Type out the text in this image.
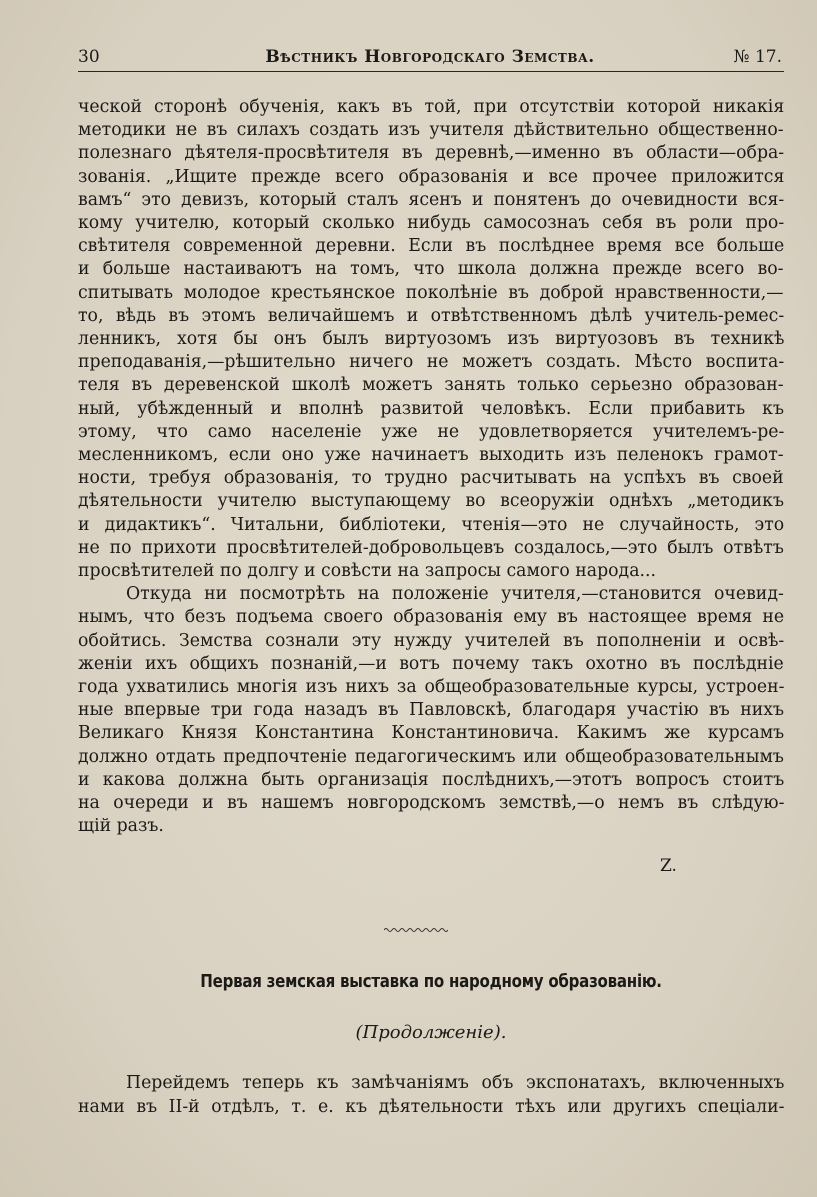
30	Вѣстникъ Новгородскаго Земства.	№ 17.
ческой сторонѣ обученія, какъ въ той, при отсутствіи которой никакія
методики не въ силахъ создать изъ учителя дѣйствительно общественно-
полезнаго дѣятеля-просвѣтителя въ деревнѣ,—именно въ области—обра-
зованія. „Ищите прежде всего образованія и все прочее приложится
вамъ“ это девизъ, который сталъ ясенъ и понятенъ до очевидности вся-
кому учителю, который сколько нибудь самосознаъ себя въ роли про-
свѣтителя современной деревни. Если въ послѣднее время все больше
и больше настаиваютъ на томъ, что школа должна прежде всего во-
спитывать молодое крестьянское поколѣніе въ доброй нравственности,—
то, вѣдь въ этомъ величайшемъ и отвѣтственномъ дѣлѣ учитель-ремес-
ленникъ, хотя бы онъ былъ виртуозомъ изъ виртуозовъ въ техникѣ
преподаванія,—рѣшительно ничего не можетъ создать. Мѣсто воспита-
теля въ деревенской школѣ можетъ занять только серьезно образован-
ный, убѣжденный и вполнѣ развитой человѣкъ. Если прибавить къ
этому, что само населеніе уже не удовлетворяется учителемъ-ре-
месленникомъ, если оно уже начинаетъ выходить изъ пеленокъ грамот-
ности, требуя образованія, то трудно расчитывать на успѣхъ въ своей
дѣятельности учителю выступающему во всеоружіи однѣхъ „методикъ
и дидактикъ“. Читальни, библіотеки, чтенія—это не случайность, это
не по прихоти просвѣтителей-добровольцевъ создалось,—это былъ отвѣтъ
просвѣтителей по долгу и совѣсти на запросы самого народа...
Откуда ни посмотрѣть на положеніе учителя,—становится очевид-
нымъ, что безъ подъема своего образованія ему въ настоящее время не
обойтись. Земства сознали эту нужду учителей въ пополненіи и освѣ-
женіи ихъ общихъ познаній,—и вотъ почему такъ охотно въ послѣдніе
года ухватились многія изъ нихъ за общеобразовательные курсы, устроен-
ные впервые три года назадъ въ Павловскѣ, благодаря участію въ нихъ
Великаго Князя Константина Константиновича. Какимъ же курсамъ
должно отдать предпочтеніе педагогическимъ или общеобразовательнымъ
и какова должна быть организація послѣднихъ,—этотъ вопросъ стоитъ
на очереди и въ нашемъ новгородскомъ земствѣ,—о немъ въ слѣдую-
щій разъ.
Z.
Первая земская выставка по народному образованію.
(Продолженіе).
Перейдемъ теперь къ замѣчаніямъ объ экспонатахъ, включенныхъ
нами въ II-й отдѣлъ, т. е. къ дѣятельности тѣхъ или другихъ спеціали-
